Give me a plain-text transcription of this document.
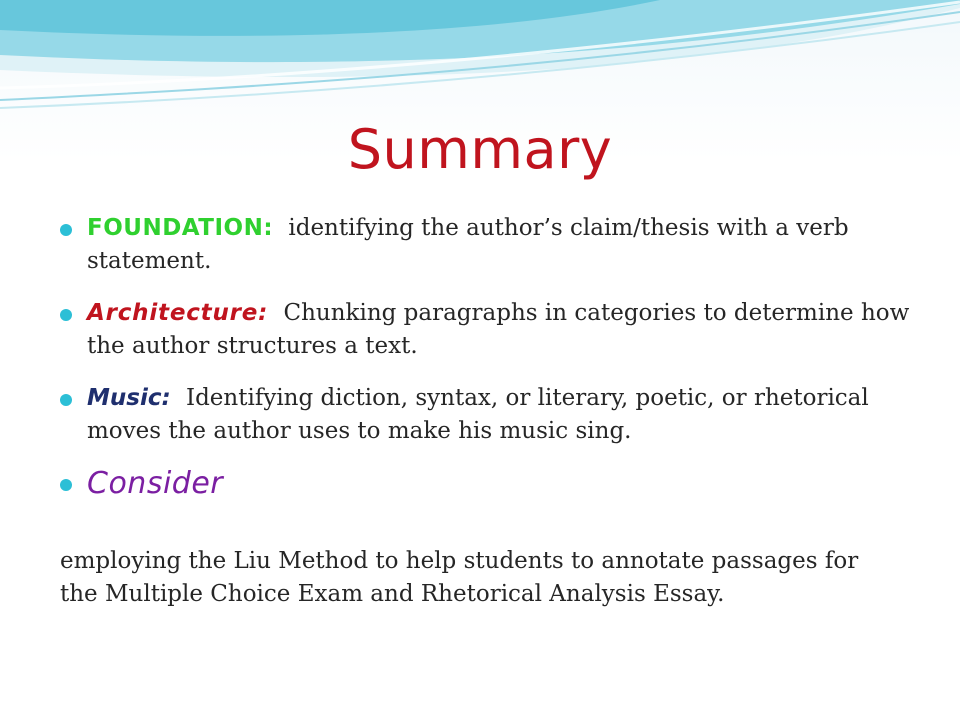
Summary
FOUNDATION: identifying the author’s claim/thesis with a verb statement.
Architecture: Chunking paragraphs in categories to determine how the author structures a text.
Music: Identifying diction, syntax, or literary, poetic, or rhetorical moves the author uses to make his music sing.
Consider

employing the Liu Method to help students to annotate passages for the Multiple Choice Exam and Rhetorical Analysis Essay.
